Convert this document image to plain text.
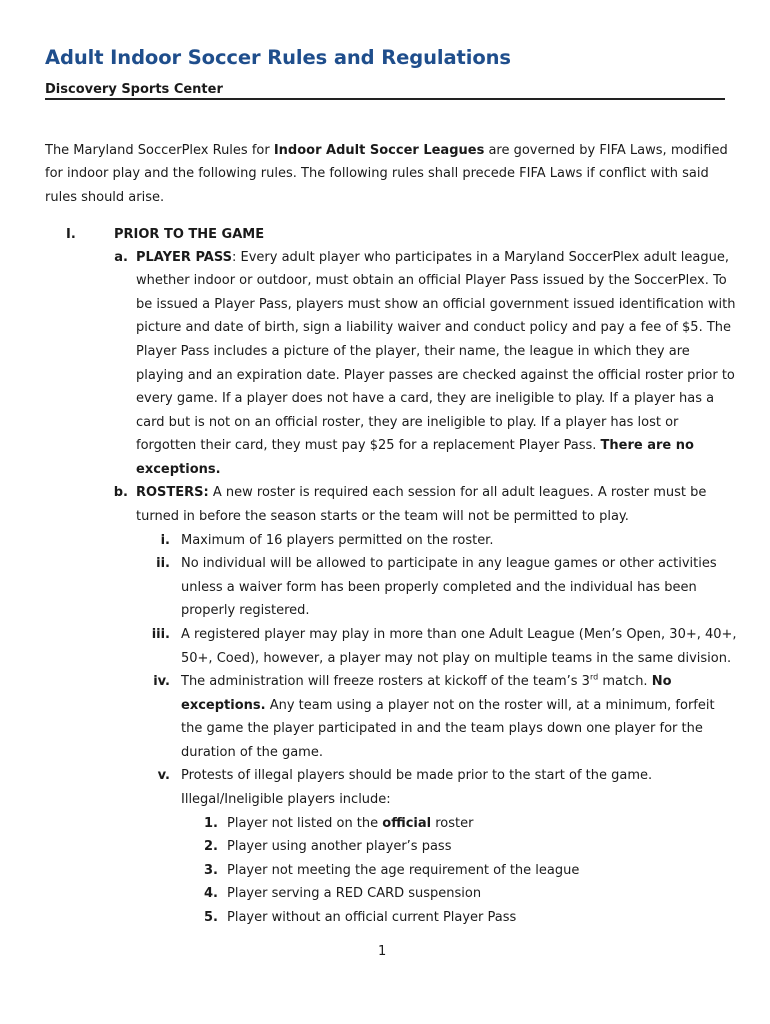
Adult Indoor Soccer Rules and Regulations
Discovery Sports Center
The Maryland SoccerPlex Rules for Indoor Adult Soccer Leagues are governed by FIFA Laws, modified
for indoor play and the following rules. The following rules shall precede FIFA Laws if conflict with said
rules should arise.
I.	PRIOR TO THE GAME
a. PLAYER PASS: Every adult player who participates in a Maryland SoccerPlex adult league,
whether indoor or outdoor, must obtain an official Player Pass issued by the SoccerPlex. To
be issued a Player Pass, players must show an official government issued identification with
picture and date of birth, sign a liability waiver and conduct policy and pay a fee of $5. The
Player Pass includes a picture of the player, their name, the league in which they are
playing and an expiration date. Player passes are checked against the official roster prior to
every game. If a player does not have a card, they are ineligible to play. If a player has a
card but is not on an official roster, they are ineligible to play. If a player has lost or
forgotten their card, they must pay $25 for a replacement Player Pass. There are no
exceptions.
b. ROSTERS: A new roster is required each session for all adult leagues. A roster must be
turned in before the season starts or the team will not be permitted to play.
i. Maximum of 16 players permitted on the roster.
ii. No individual will be allowed to participate in any league games or other activities
unless a waiver form has been properly completed and the individual has been
properly registered.
iii. A registered player may play in more than one Adult League (Men’s Open, 30+, 40+,
50+, Coed), however, a player may not play on multiple teams in the same division.
iv. The administration will freeze rosters at kickoff of the team’s 3rd match. No
exceptions. Any team using a player not on the roster will, at a minimum, forfeit
the game the player participated in and the team plays down one player for the
duration of the game.
v. Protests of illegal players should be made prior to the start of the game.
Illegal/Ineligible players include:
1. Player not listed on the official roster
2. Player using another player’s pass
3. Player not meeting the age requirement of the league
4. Player serving a RED CARD suspension
5. Player without an official current Player Pass
1
